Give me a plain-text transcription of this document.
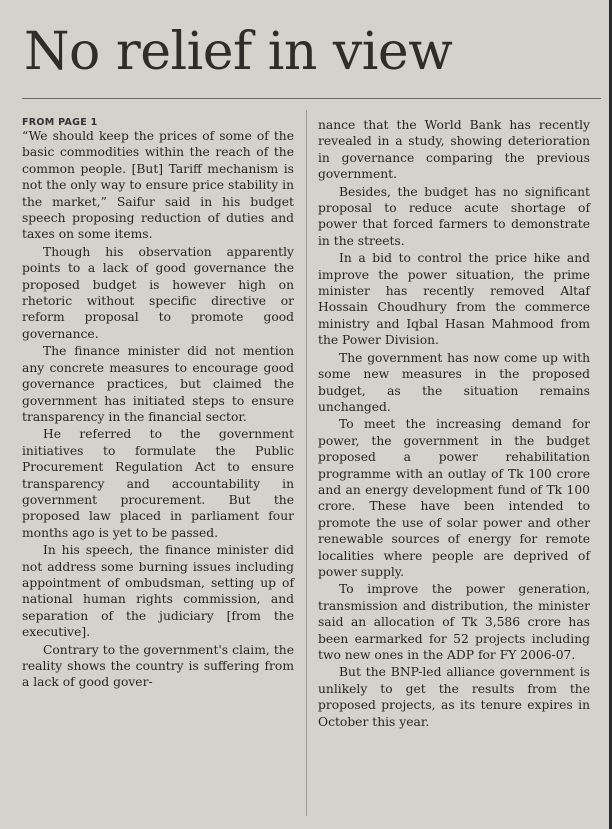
No relief in view
FROM PAGE 1

“We should keep the prices of some of the basic commodities within the reach of the common people. [But] Tariff mechanism is not the only way to ensure price stability in the market,” Saifur said in his budget speech proposing reduction of duties and taxes on some items.

Though his observation apparently points to a lack of good governance the proposed budget is however high on rhetoric without specific directive or reform proposal to promote good governance.

The finance minister did not mention any concrete measures to encourage good governance practices, but claimed the government has initiated steps to ensure transparency in the financial sector.

He referred to the government initiatives to formulate the Public Procurement Regulation Act to ensure transparency and accountability in government procurement. But the proposed law placed in parliament four months ago is yet to be passed.

In his speech, the finance minister did not address some burning issues including appointment of ombudsman, setting up of national human rights commission, and separation of the judiciary [from the executive].

Contrary to the government's claim, the reality shows the country is suffering from a lack of good gover-

nance that the World Bank has recently revealed in a study, showing deterioration in governance comparing the previous government.

Besides, the budget has no significant proposal to reduce acute shortage of power that forced farmers to demonstrate in the streets.

In a bid to control the price hike and improve the power situation, the prime minister has recently removed Altaf Hossain Choudhury from the commerce ministry and Iqbal Hasan Mahmood from the Power Division.

The government has now come up with some new measures in the proposed budget, as the situation remains unchanged.

To meet the increasing demand for power, the government in the budget proposed a power rehabilitation programme with an outlay of Tk 100 crore and an energy development fund of Tk 100 crore. These have been intended to promote the use of solar power and other renewable sources of energy for remote localities where people are deprived of power supply.

To improve the power generation, transmission and distribution, the minister said an allocation of Tk 3,586 crore has been earmarked for 52 projects including two new ones in the ADP for FY 2006-07.

But the BNP-led alliance government is unlikely to get the results from the proposed projects, as its tenure expires in October this year.
